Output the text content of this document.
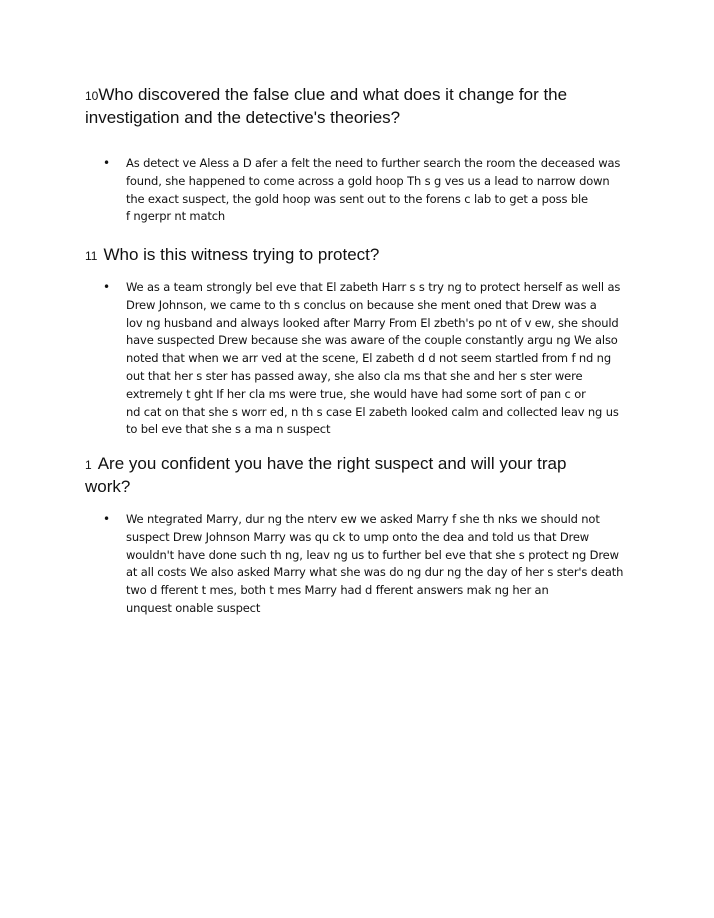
10Who discovered the false clue and what does it change for the
investigation and the detective's theories?
• As detect ve Aless a D afer a felt the need to further search the room the deceased was
found, she happened to come across a gold hoop Th s g ves us a lead to narrow down
the exact suspect, the gold hoop was sent out to the forens c lab to get a poss ble
f ngerpr nt match
11 Who is this witness trying to protect?
• We as a team strongly bel eve that El zabeth Harr s s try ng to protect herself as well as
Drew Johnson, we came to th s conclus on because she ment oned that Drew was a
lov ng husband and always looked after Marry From El zbeth's po nt of v ew, she should
have suspected Drew because she was aware of the couple constantly argu ng We also
noted that when we arr ved at the scene, El zabeth d d not seem startled from f nd ng
out that her s ster has passed away, she also cla ms that she and her s ster were
extremely t ght If her cla ms were true, she would have had some sort of pan c or
nd cat on that she s worr ed, n th s case El zabeth looked calm and collected leav ng us
to bel eve that she s a ma n suspect
1 Are you confident you have the right suspect and will your trap
work?
• We ntegrated Marry, dur ng the nterv ew we asked Marry f she th nks we should not
suspect Drew Johnson Marry was qu ck to ump onto the dea and told us that Drew
wouldn't have done such th ng, leav ng us to further bel eve that she s protect ng Drew
at all costs We also asked Marry what she was do ng dur ng the day of her s ster's death
two d fferent t mes, both t mes Marry had d fferent answers mak ng her an
unquest onable suspect
